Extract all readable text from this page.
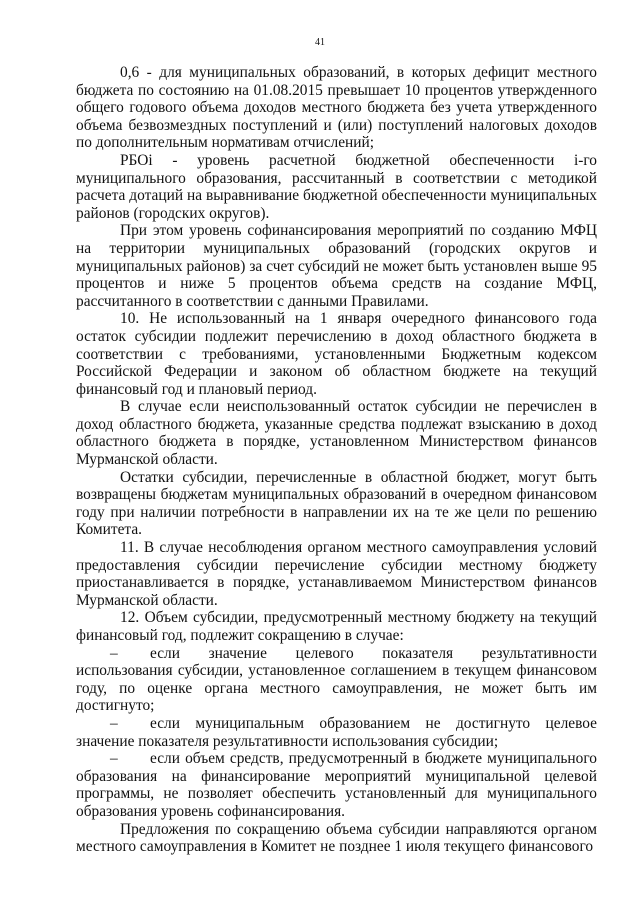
41

0,6 - для муниципальных образований, в которых дефицит местного бюджета по состоянию на 01.08.2015 превышает 10 процентов утвержденного общего годового объема доходов местного бюджета без учета утвержденного объема безвозмездных поступлений и (или) поступлений налоговых доходов по дополнительным нормативам отчислений;

РБОi - уровень расчетной бюджетной обеспеченности i-го муниципального образования, рассчитанный в соответствии с методикой расчета дотаций на выравнивание бюджетной обеспеченности муниципальных районов (городских округов).

При этом уровень софинансирования мероприятий по созданию МФЦ на территории муниципальных образований (городских округов и муниципальных районов) за счет субсидий не может быть установлен выше 95 процентов и ниже 5 процентов объема средств на создание МФЦ, рассчитанного в соответствии с данными Правилами.

10. Не использованный на 1 января очередного финансового года остаток субсидии подлежит перечислению в доход областного бюджета в соответствии с требованиями, установленными Бюджетным кодексом Российской Федерации и законом об областном бюджете на текущий финансовый год и плановый период.

В случае если неиспользованный остаток субсидии не перечислен в доход областного бюджета, указанные средства подлежат взысканию в доход областного бюджета в порядке, установленном Министерством финансов Мурманской области.

Остатки субсидии, перечисленные в областной бюджет, могут быть возвращены бюджетам муниципальных образований в очередном финансовом году при наличии потребности в направлении их на те же цели по решению Комитета.

11. В случае несоблюдения органом местного самоуправления условий предоставления субсидии перечисление субсидии местному бюджету приостанавливается в порядке, устанавливаемом Министерством финансов Мурманской области.

12. Объем субсидии, предусмотренный местному бюджету на текущий финансовый год, подлежит сокращению в случае:

– если значение целевого показателя результативности использования субсидии, установленное соглашением в текущем финансовом году, по оценке органа местного самоуправления, не может быть им достигнуто;

– если муниципальным образованием не достигнуто целевое значение показателя результативности использования субсидии;

– если объем средств, предусмотренный в бюджете муниципального образования на финансирование мероприятий муниципальной целевой программы, не позволяет обеспечить установленный для муниципального образования уровень софинансирования.

Предложения по сокращению объема субсидии направляются органом местного самоуправления в Комитет не позднее 1 июля текущего финансового
